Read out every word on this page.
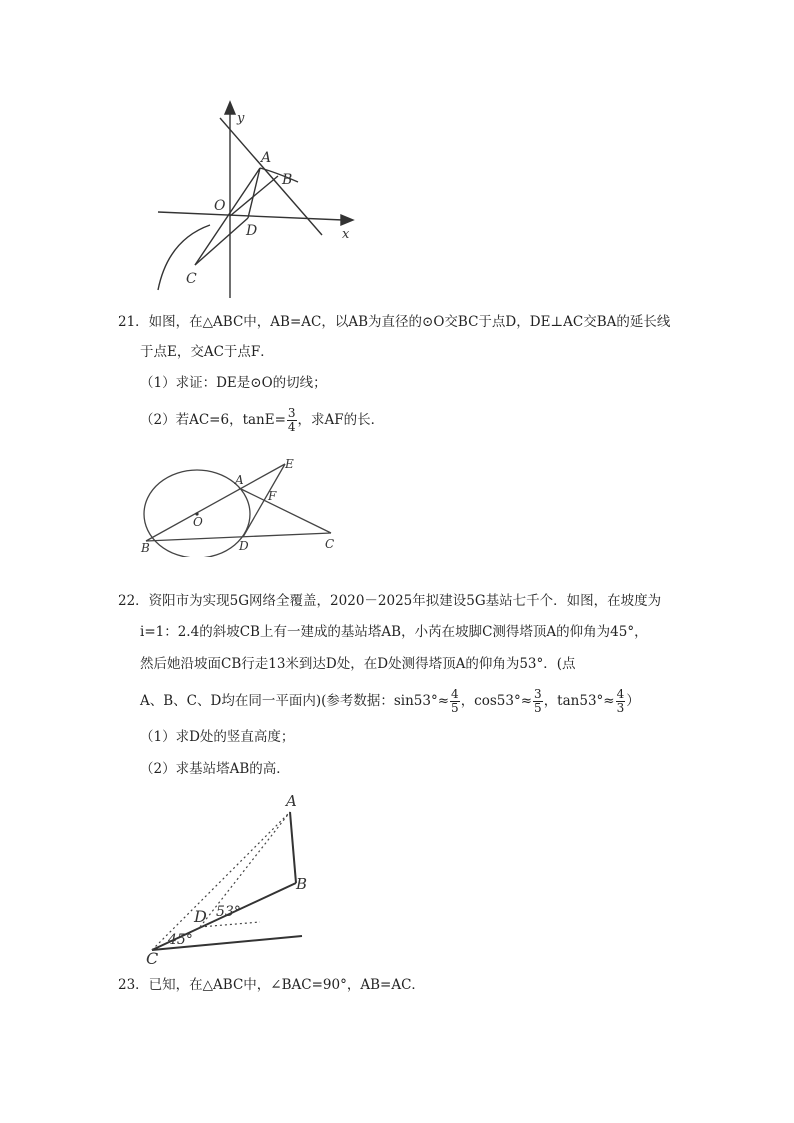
y
x
O
A
B
D
C
21．如图，在△ABC中，AB=AC，以AB为直径的⊙O交BC于点D，DE⊥AC交BA的延长线
于点E，交AC于点F．
（1）求证：DE是⊙O的切线；
（2）若AC=6，$\tan E= \frac{3}{4}$ ，求AF的长．
E
A
F
O
B	D	C
22．资阳市为实现5G网络全覆盖，2020－2025年拟建设5G基站七千个．如图，在坡度为
i=1：2.4的斜坡CB上有一建成的基站塔AB，小芮在坡脚C测得塔顶A的仰角为45°，
然后她沿坡面CB行走13米到达D处，在D处测得塔顶A的仰角为53°．(点
A、B、C、D均在同一平面内)(参考数据：$\sin 53^\circ\approx \frac{4}{5}$ ，$\cos 53^\circ\approx \frac{3}{5}$ ，$\tan 53^\circ\approx \frac{4}{3}$ ）
（1）求D处的竖直高度；
（2）求基站塔AB的高．
A
B
C
D
45°
53°
23．已知，在△ABC中，∠BAC=90°，AB=AC．
